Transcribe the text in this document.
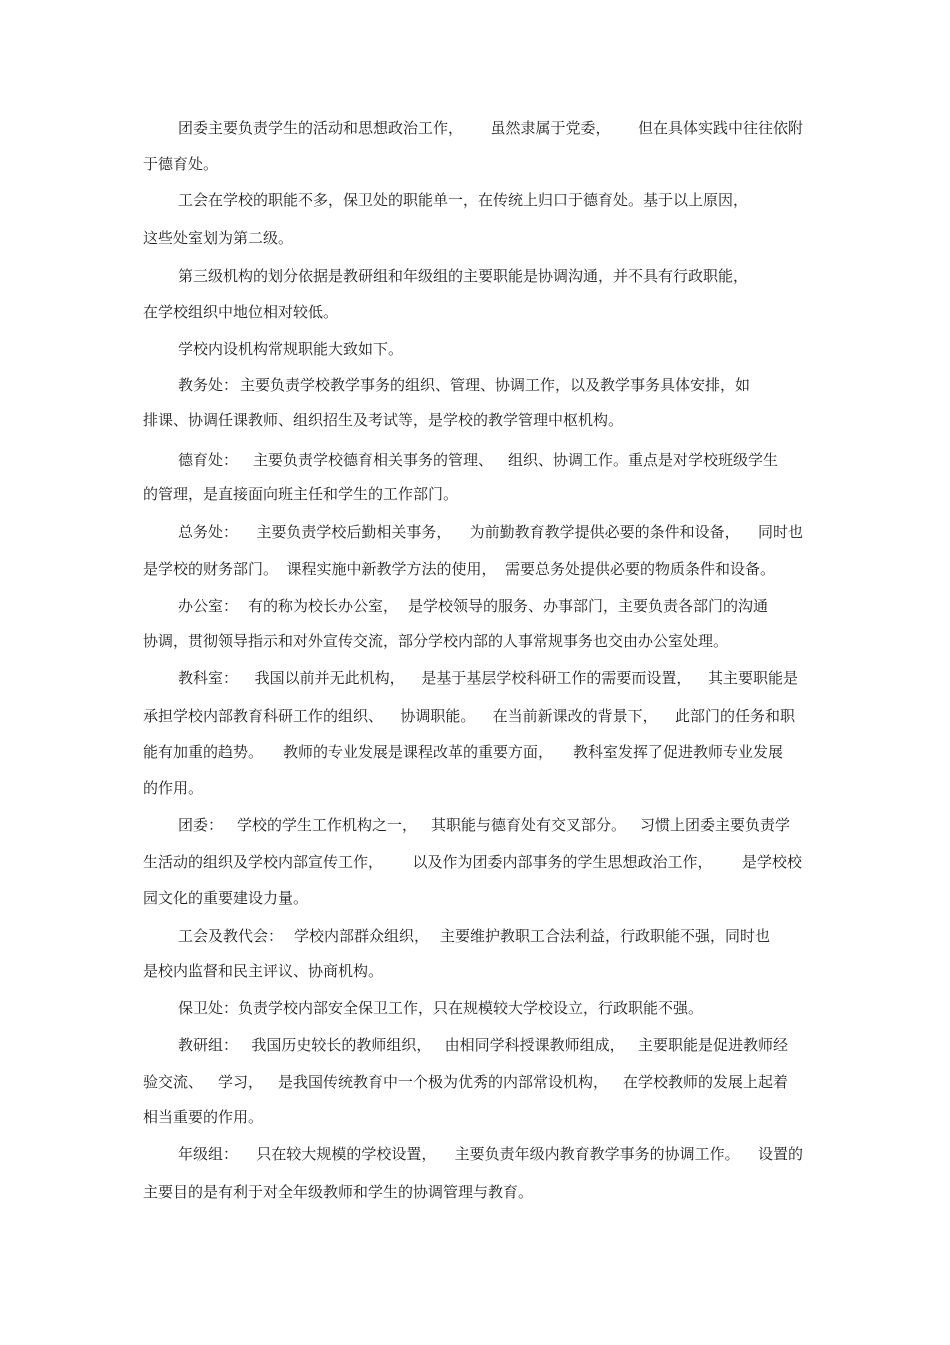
团委主要负责学生的活动和思想政治工作， 虽然隶属于党委， 但在具体实践中往往依附
于德育处。
工会在学校的职能不多，保卫处的职能单一，在传统上归口于德育处。基于以上原因，
这些处室划为第二级。
第三级机构的划分依据是教研组和年级组的主要职能是协调沟通，并不具有行政职能，
在学校组织中地位相对较低。
学校内设机构常规职能大致如下。
教务处： 主要负责学校教学事务的组织、管理、协调工作，以及教学事务具体安排，如
排课、协调任课教师、组织招生及考试等，是学校的教学管理中枢机构。
德育处： 主要负责学校德育相关事务的管理、 组织、协调工作。重点是对学校班级学生
的管理，是直接面向班主任和学生的工作部门。
总务处： 主要负责学校后勤相关事务， 为前勤教育教学提供必要的条件和设备， 同时也
是学校的财务部门。 课程实施中新教学方法的使用， 需要总务处提供必要的物质条件和设备。
办公室： 有的称为校长办公室， 是学校领导的服务、办事部门，主要负责各部门的沟通
协调，贯彻领导指示和对外宣传交流，部分学校内部的人事常规事务也交由办公室处理。
教科室： 我国以前并无此机构， 是基于基层学校科研工作的需要而设置， 其主要职能是
承担学校内部教育科研工作的组织、 协调职能。 在当前新课改的背景下， 此部门的任务和职
能有加重的趋势。 教师的专业发展是课程改革的重要方面， 教科室发挥了促进教师专业发展
的作用。
团委： 学校的学生工作机构之一， 其职能与德育处有交叉部分。 习惯上团委主要负责学
生活动的组织及学校内部宣传工作， 以及作为团委内部事务的学生思想政治工作， 是学校校
园文化的重要建设力量。
工会及教代会： 学校内部群众组织， 主要维护教职工合法利益，行政职能不强，同时也
是校内监督和民主评议、协商机构。
保卫处： 负责学校内部安全保卫工作，只在规模较大学校设立，行政职能不强。
教研组： 我国历史较长的教师组织， 由相同学科授课教师组成， 主要职能是促进教师经
验交流、 学习， 是我国传统教育中一个极为优秀的内部常设机构， 在学校教师的发展上起着
相当重要的作用。
年级组： 只在较大规模的学校设置， 主要负责年级内教育教学事务的协调工作。 设置的
主要目的是有利于对全年级教师和学生的协调管理与教育。
